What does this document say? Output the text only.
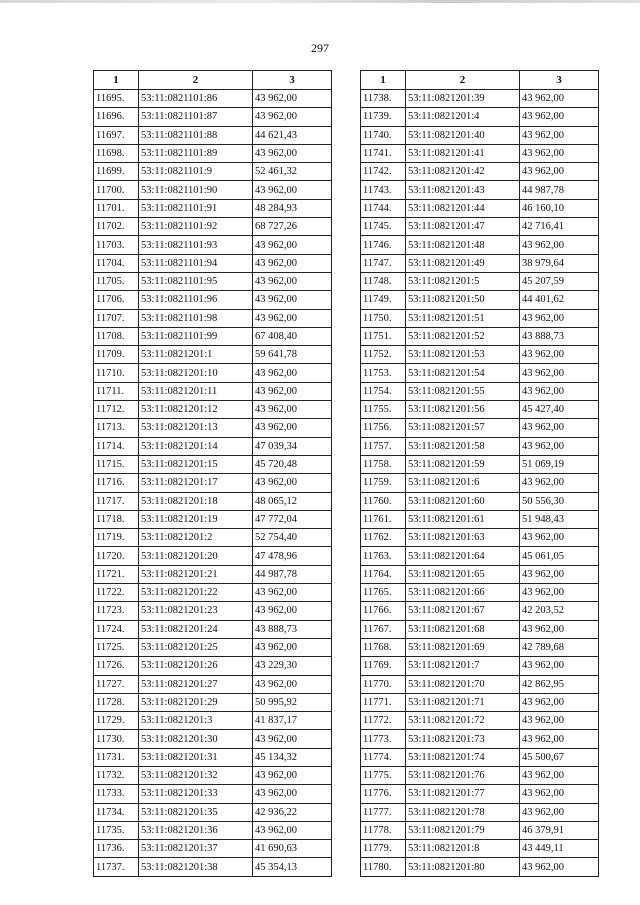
297
1	2	3
11695.	53:11:0821101:86	43 962,00
11696.	53:11:0821101:87	43 962,00
11697.	53:11:0821101:88	44 621,43
11698.	53:11:0821101:89	43 962,00
11699.	53:11:0821101:9	52 461,32
11700.	53:11:0821101:90	43 962,00
11701.	53:11:0821101:91	48 284,93
11702.	53:11:0821101:92	68 727,26
11703.	53:11:0821101:93	43 962,00
11704.	53:11:0821101:94	43 962,00
11705.	53:11:0821101:95	43 962,00
11706.	53:11:0821101:96	43 962,00
11707.	53:11:0821101:98	43 962,00
11708.	53:11:0821101:99	67 408,40
11709.	53:11:0821201:1	59 641,78
11710.	53:11:0821201:10	43 962,00
11711.	53:11:0821201:11	43 962,00
11712.	53:11:0821201:12	43 962,00
11713.	53:11:0821201:13	43 962,00
11714.	53:11:0821201:14	47 039,34
11715.	53:11:0821201:15	45 720,48
11716.	53:11:0821201:17	43 962,00
11717.	53:11:0821201:18	48 065,12
11718.	53:11:0821201:19	47 772,04
11719.	53:11:0821201:2	52 754,40
11720.	53:11:0821201:20	47 478,96
11721.	53:11:0821201:21	44 987,78
11722.	53:11:0821201:22	43 962,00
11723.	53:11:0821201:23	43 962,00
11724.	53:11:0821201:24	43 888,73
11725.	53:11:0821201:25	43 962,00
11726.	53:11:0821201:26	43 229,30
11727.	53:11:0821201:27	43 962,00
11728.	53:11:0821201:29	50 995,92
11729.	53:11:0821201:3	41 837,17
11730.	53:11:0821201:30	43 962,00
11731.	53:11:0821201:31	45 134,32
11732.	53:11:0821201:32	43 962,00
11733.	53:11:0821201:33	43 962,00
11734.	53:11:0821201:35	42 936,22
11735.	53:11:0821201:36	43 962,00
11736.	53:11:0821201:37	41 690,63
11737.	53:11:0821201:38	45 354,13
1	2	3
11738.	53:11:0821201:39	43 962,00
11739.	53:11:0821201:4	43 962,00
11740.	53:11:0821201:40	43 962,00
11741.	53:11:0821201:41	43 962,00
11742.	53:11:0821201:42	43 962,00
11743.	53:11:0821201:43	44 987,78
11744.	53:11:0821201:44	46 160,10
11745.	53:11:0821201:47	42 716,41
11746.	53:11:0821201:48	43 962,00
11747.	53:11:0821201:49	38 979,64
11748.	53:11:0821201:5	45 207,59
11749.	53:11:0821201:50	44 401,62
11750.	53:11:0821201:51	43 962,00
11751.	53:11:0821201:52	43 888,73
11752.	53:11:0821201:53	43 962,00
11753.	53:11:0821201:54	43 962,00
11754.	53:11:0821201:55	43 962,00
11755.	53:11:0821201:56	45 427,40
11756.	53:11:0821201:57	43 962,00
11757.	53:11:0821201:58	43 962,00
11758.	53:11:0821201:59	51 069,19
11759.	53:11:0821201:6	43 962,00
11760.	53:11:0821201:60	50 556,30
11761.	53:11:0821201:61	51 948,43
11762.	53:11:0821201:63	43 962,00
11763.	53:11:0821201:64	45 061,05
11764.	53:11:0821201:65	43 962,00
11765.	53:11:0821201:66	43 962,00
11766.	53:11:0821201:67	42 203,52
11767.	53:11:0821201:68	43 962,00
11768.	53:11:0821201:69	42 789,68
11769.	53:11:0821201:7	43 962,00
11770.	53:11:0821201:70	42 862,95
11771.	53:11:0821201:71	43 962,00
11772.	53:11:0821201:72	43 962,00
11773.	53:11:0821201:73	43 962,00
11774.	53:11:0821201:74	45 500,67
11775.	53:11:0821201:76	43 962,00
11776.	53:11:0821201:77	43 962,00
11777.	53:11:0821201:78	43 962,00
11778.	53:11:0821201:79	46 379,91
11779.	53:11:0821201:8	43 449,11
11780.	53:11:0821201:80	43 962,00
